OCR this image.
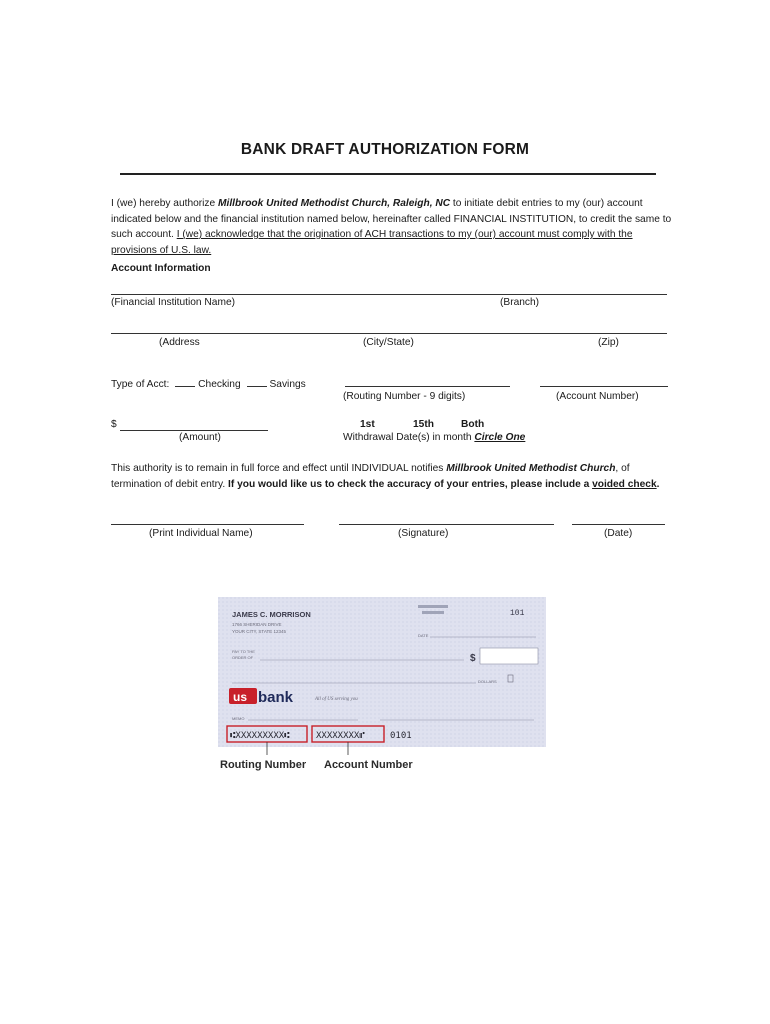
BANK DRAFT AUTHORIZATION FORM
I (we) hereby authorize Millbrook United Methodist Church, Raleigh, NC to initiate debit entries to my (our) account indicated below and the financial institution named below, hereinafter called FINANCIAL INSTITUTION, to credit the same to such account. I (we) acknowledge that the origination of ACH transactions to my (our) account must comply with the provisions of U.S. law.
Account Information
(Financial Institution Name)	(Branch)
(Address	(City/State)	(Zip)
Type of Acct:	Checking	Savings
(Routing Number - 9 digits)	(Account Number)
$
(Amount)
1st	15th	Both
Withdrawal Date(s) in month Circle One
This authority is to remain in full force and effect until INDIVIDUAL notifies Millbrook United Methodist Church, of termination of debit entry. If you would like us to check the accuracy of your entries, please include a voided check.
(Print Individual Name)	(Signature)	(Date)
JAMES C. MORRISON
1766 SHERIDAN DRIVE
YOUR CITY, STATE 12345
101
DATE
PAY TO THE
ORDER OF	$
DOLLARS
us bank	All of US serving you
MEMO
⑆XXXXXXXXX⑆	XXXXXXXX⑈	0101
Routing Number Account Number
